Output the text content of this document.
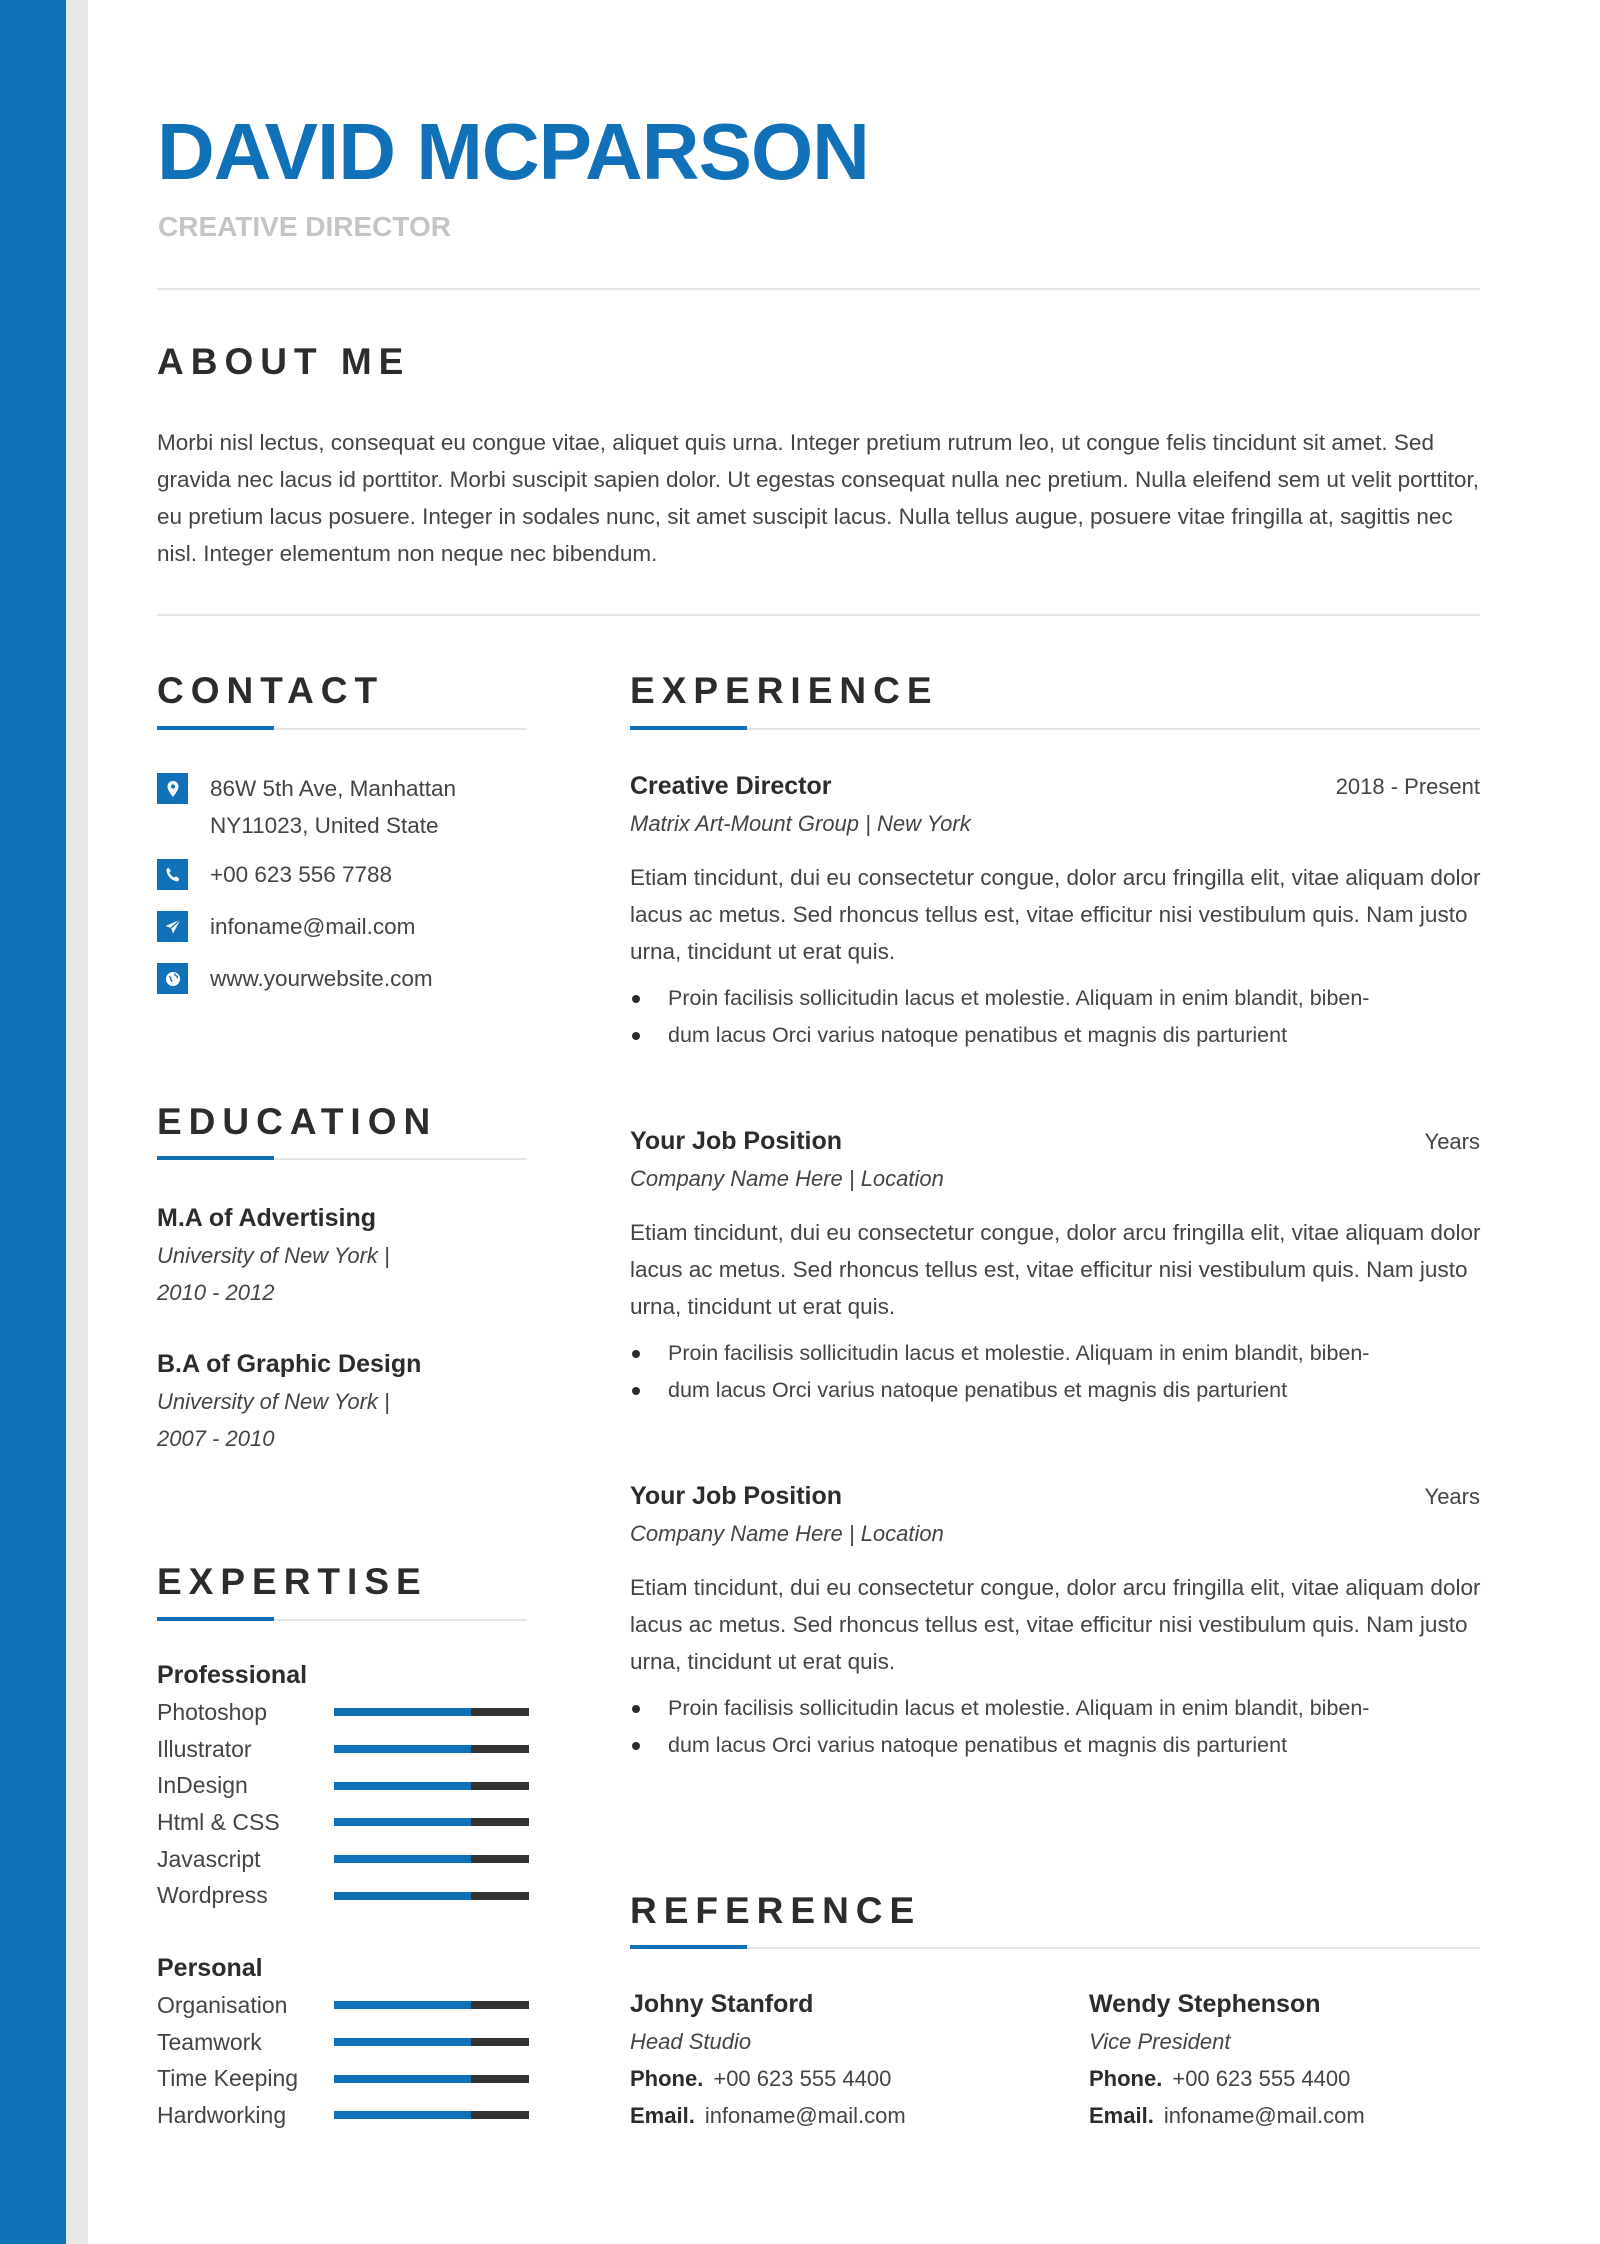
DAVID MCPARSON
CREATIVE DIRECTOR
ABOUT ME
Morbi nisl lectus, consequat eu congue vitae, aliquet quis urna. Integer pretium rutrum leo, ut congue felis tincidunt sit amet. Sed gravida nec lacus id porttitor. Morbi suscipit sapien dolor. Ut egestas consequat nulla nec pretium. Nulla eleifend sem ut velit porttitor, eu pretium lacus posuere. Integer in sodales nunc, sit amet suscipit lacus. Nulla tellus augue, posuere vitae fringilla at, sagittis nec nisl. Integer elementum non neque nec bibendum.
CONTACT
86W 5th Ave, Manhattan
NY11023, United State
+00 623 556 7788
infoname@mail.com
www.yourwebsite.com
EDUCATION
M.A of Advertising
University of New York |
2010 - 2012
B.A of Graphic Design
University of New York |
2007 - 2010
EXPERTISE
Professional
Photoshop
Illustrator
InDesign
Html & CSS
Javascript
Wordpress
Personal
Organisation
Teamwork
Time Keeping
Hardworking
EXPERIENCE
Creative Director	2018 - Present
Matrix Art-Mount Group | New York
Etiam tincidunt, dui eu consectetur congue, dolor arcu fringilla elit, vitae aliquam dolor lacus ac metus. Sed rhoncus tellus est, vitae efficitur nisi vestibulum quis. Nam justo urna, tincidunt ut erat quis.
Proin facilisis sollicitudin lacus et molestie. Aliquam in enim blandit, biben-
dum lacus Orci varius natoque penatibus et magnis dis parturient
Your Job Position	Years
Company Name Here | Location
Etiam tincidunt, dui eu consectetur congue, dolor arcu fringilla elit, vitae aliquam dolor lacus ac metus. Sed rhoncus tellus est, vitae efficitur nisi vestibulum quis. Nam justo urna, tincidunt ut erat quis.
Proin facilisis sollicitudin lacus et molestie. Aliquam in enim blandit, biben-
dum lacus Orci varius natoque penatibus et magnis dis parturient
Your Job Position	Years
Company Name Here | Location
Etiam tincidunt, dui eu consectetur congue, dolor arcu fringilla elit, vitae aliquam dolor lacus ac metus. Sed rhoncus tellus est, vitae efficitur nisi vestibulum quis. Nam justo urna, tincidunt ut erat quis.
Proin facilisis sollicitudin lacus et molestie. Aliquam in enim blandit, biben-
dum lacus Orci varius natoque penatibus et magnis dis parturient
REFERENCE
Johny Stanford
Head Studio
Phone. +00 623 555 4400
Email. infoname@mail.com
Wendy Stephenson
Vice President
Phone. +00 623 555 4400
Email. infoname@mail.com
